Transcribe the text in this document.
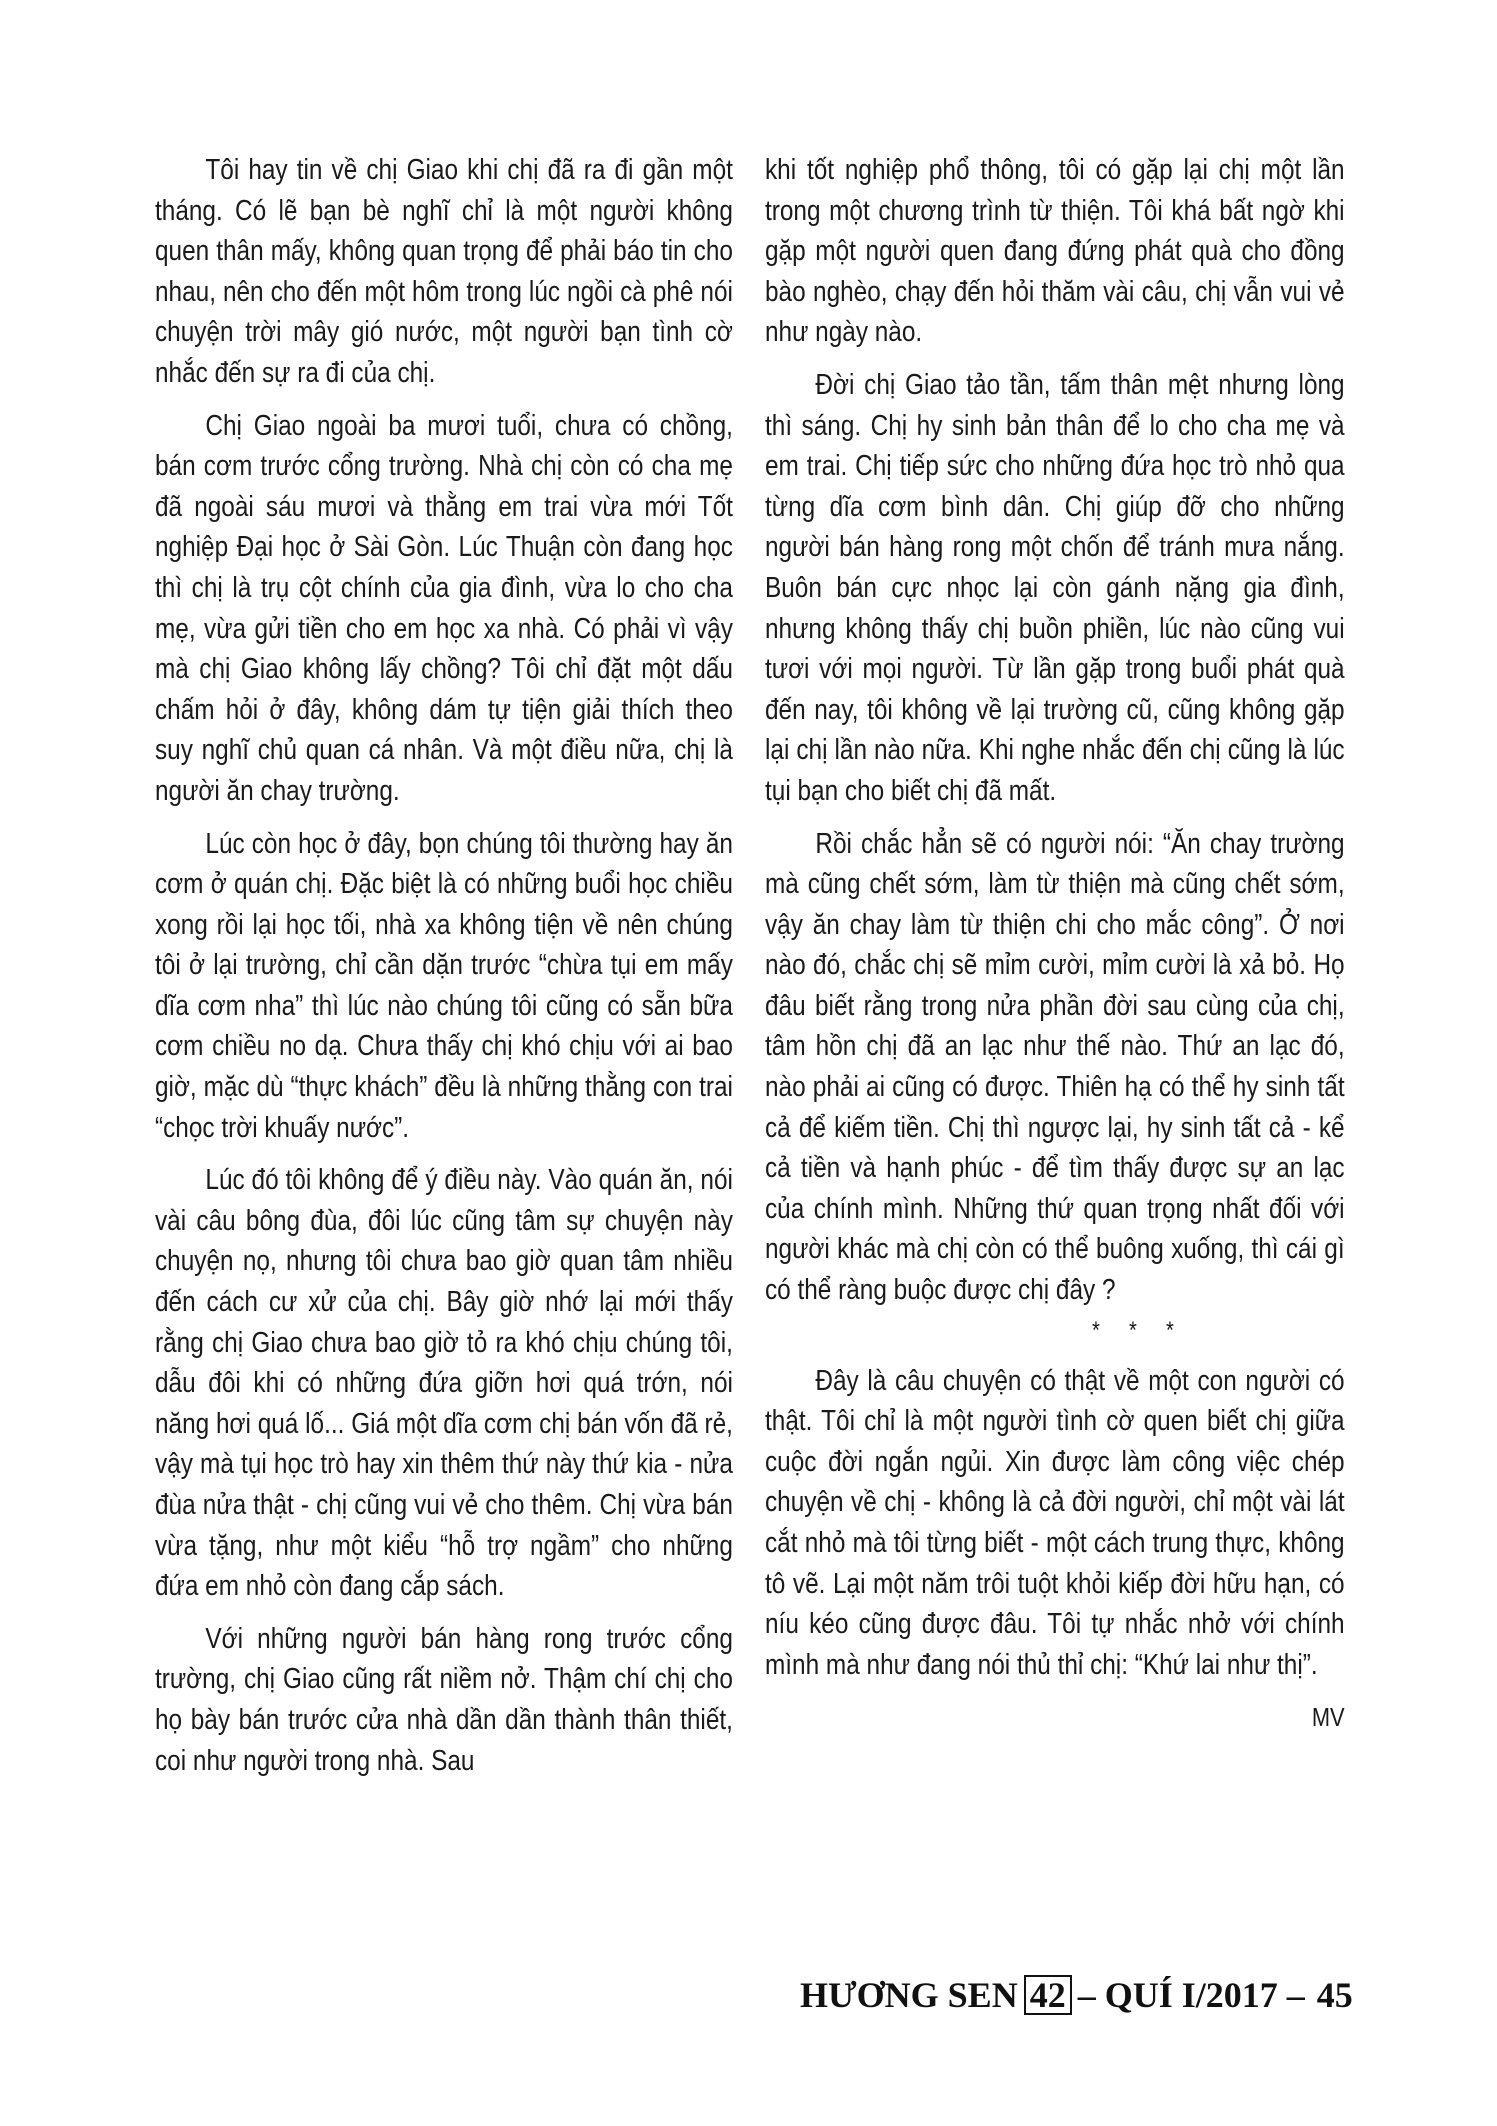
Tôi hay tin về chị Giao khi chị đã ra đi gần một tháng. Có lẽ bạn bè nghĩ chỉ là một người không quen thân mấy, không quan trọng để phải báo tin cho nhau, nên cho đến một hôm trong lúc ngồi cà phê nói chuyện trời mây gió nước, một người bạn tình cờ nhắc đến sự ra đi của chị.

Chị Giao ngoài ba mươi tuổi, chưa có chồng, bán cơm trước cổng trường. Nhà chị còn có cha mẹ đã ngoài sáu mươi và thằng em trai vừa mới Tốt nghiệp Đại học ở Sài Gòn. Lúc Thuận còn đang học thì chị là trụ cột chính của gia đình, vừa lo cho cha mẹ, vừa gửi tiền cho em học xa nhà. Có phải vì vậy mà chị Giao không lấy chồng? Tôi chỉ đặt một dấu chấm hỏi ở đây, không dám tự tiện giải thích theo suy nghĩ chủ quan cá nhân. Và một điều nữa, chị là người ăn chay trường.

Lúc còn học ở đây, bọn chúng tôi thường hay ăn cơm ở quán chị. Đặc biệt là có những buổi học chiều xong rồi lại học tối, nhà xa không tiện về nên chúng tôi ở lại trường, chỉ cần dặn trước “chừa tụi em mấy dĩa cơm nha” thì lúc nào chúng tôi cũng có sẵn bữa cơm chiều no dạ. Chưa thấy chị khó chịu với ai bao giờ, mặc dù “thực khách” đều là những thằng con trai “chọc trời khuấy nước”.

Lúc đó tôi không để ý điều này. Vào quán ăn, nói vài câu bông đùa, đôi lúc cũng tâm sự chuyện này chuyện nọ, nhưng tôi chưa bao giờ quan tâm nhiều đến cách cư xử của chị. Bây giờ nhớ lại mới thấy rằng chị Giao chưa bao giờ tỏ ra khó chịu chúng tôi, dẫu đôi khi có những đứa giỡn hơi quá trớn, nói năng hơi quá lố... Giá một dĩa cơm chị bán vốn đã rẻ, vậy mà tụi học trò hay xin thêm thứ này thứ kia - nửa đùa nửa thật - chị cũng vui vẻ cho thêm. Chị vừa bán vừa tặng, như một kiểu “hỗ trợ ngầm” cho những đứa em nhỏ còn đang cắp sách.

Với những người bán hàng rong trước cổng trường, chị Giao cũng rất niềm nở. Thậm chí chị cho họ bày bán trước cửa nhà dần dần thành thân thiết, coi như người trong nhà. Sau

khi tốt nghiệp phổ thông, tôi có gặp lại chị một lần trong một chương trình từ thiện. Tôi khá bất ngờ khi gặp một người quen đang đứng phát quà cho đồng bào nghèo, chạy đến hỏi thăm vài câu, chị vẫn vui vẻ như ngày nào.

Đời chị Giao tảo tần, tấm thân mệt nhưng lòng thì sáng. Chị hy sinh bản thân để lo cho cha mẹ và em trai. Chị tiếp sức cho những đứa học trò nhỏ qua từng dĩa cơm bình dân. Chị giúp đỡ cho những người bán hàng rong một chốn để tránh mưa nắng. Buôn bán cực nhọc lại còn gánh nặng gia đình, nhưng không thấy chị buồn phiền, lúc nào cũng vui tươi với mọi người. Từ lần gặp trong buổi phát quà đến nay, tôi không về lại trường cũ, cũng không gặp lại chị lần nào nữa. Khi nghe nhắc đến chị cũng là lúc tụi bạn cho biết chị đã mất.

Rồi chắc hẳn sẽ có người nói: “Ăn chay trường mà cũng chết sớm, làm từ thiện mà cũng chết sớm, vậy ăn chay làm từ thiện chi cho mắc công”. Ở nơi nào đó, chắc chị sẽ mỉm cười, mỉm cười là xả bỏ. Họ đâu biết rằng trong nửa phần đời sau cùng của chị, tâm hồn chị đã an lạc như thế nào. Thứ an lạc đó, nào phải ai cũng có được. Thiên hạ có thể hy sinh tất cả để kiếm tiền. Chị thì ngược lại, hy sinh tất cả - kể cả tiền và hạnh phúc - để tìm thấy được sự an lạc của chính mình. Những thứ quan trọng nhất đối với người khác mà chị còn có thể buông xuống, thì cái gì có thể ràng buộc được chị đây ?

* * *

Đây là câu chuyện có thật về một con người có thật. Tôi chỉ là một người tình cờ quen biết chị giữa cuộc đời ngắn ngủi. Xin được làm công việc chép chuyện về chị - không là cả đời người, chỉ một vài lát cắt nhỏ mà tôi từng biết - một cách trung thực, không tô vẽ. Lại một năm trôi tuột khỏi kiếp đời hữu hạn, có níu kéo cũng được đâu. Tôi tự nhắc nhở với chính mình mà như đang nói thủ thỉ chị: “Khứ lai như thị”.

MV
HƯƠNG SEN 42 – QUÍ I/2017 – 45
